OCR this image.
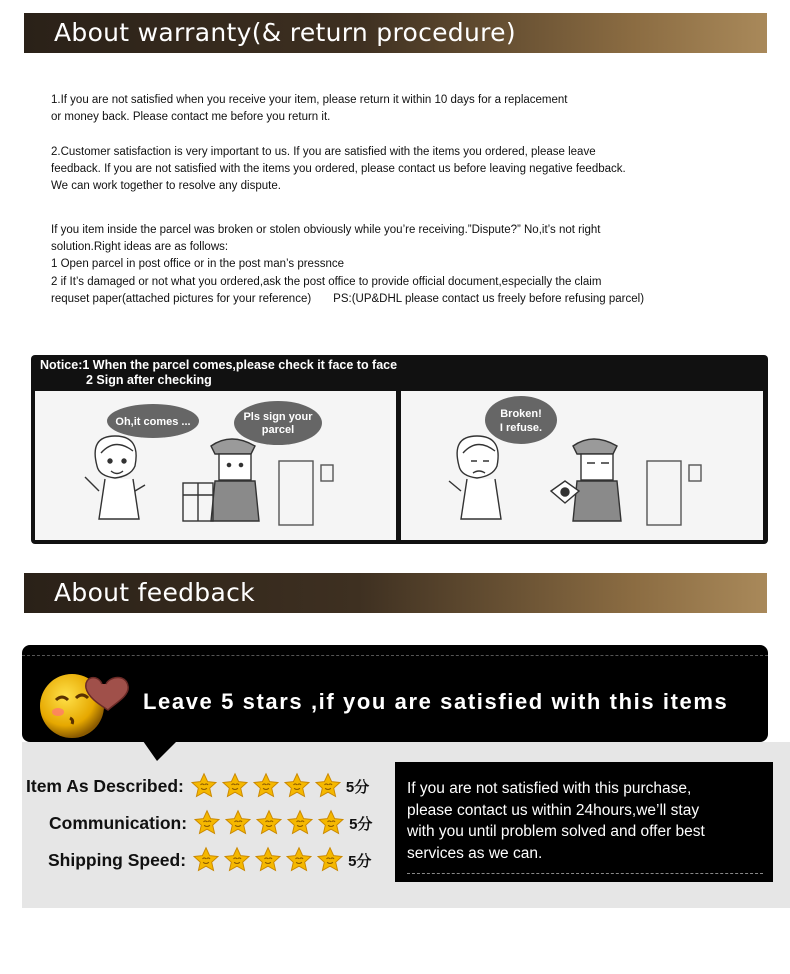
About warranty(& return procedure)
1.If you are not satisfied when you receive your item, please return it within 10 days for a replacement
or money back. Please contact me before you return it.
2.Customer satisfaction is very important to us. If you are satisfied with the items you ordered, please leave
feedback. If you are not satisfied with the items you ordered, please contact us before leaving negative feedback.
We can work together to resolve any dispute.
If you item inside the parcel was broken or stolen obviously while you’re receiving.”Dispute?” No,it’s not right
solution.Right ideas are as follows:
1 Open parcel in post office or in the post man’s pressnce
2 if It’s damaged or not what you ordered,ask the post office to provide official document,especially the claim
requset paper(attached pictures for your reference) PS:(UP&DHL please contact us freely before refusing parcel)
Notice:1 When the parcel comes,please check it face to face
2 Sign after checking
Oh,it comes ...	Pls sign your
parcel
Broken!
I refuse.
About feedback
Leave 5 stars ,if you are satisfied with this items
Item As Described:	5分
Communication:	5分
Shipping Speed:	5分
If you are not satisfied with this purchase,
please contact us within 24hours,we’ll stay
with you until problem solved and offer best
services as we can.
